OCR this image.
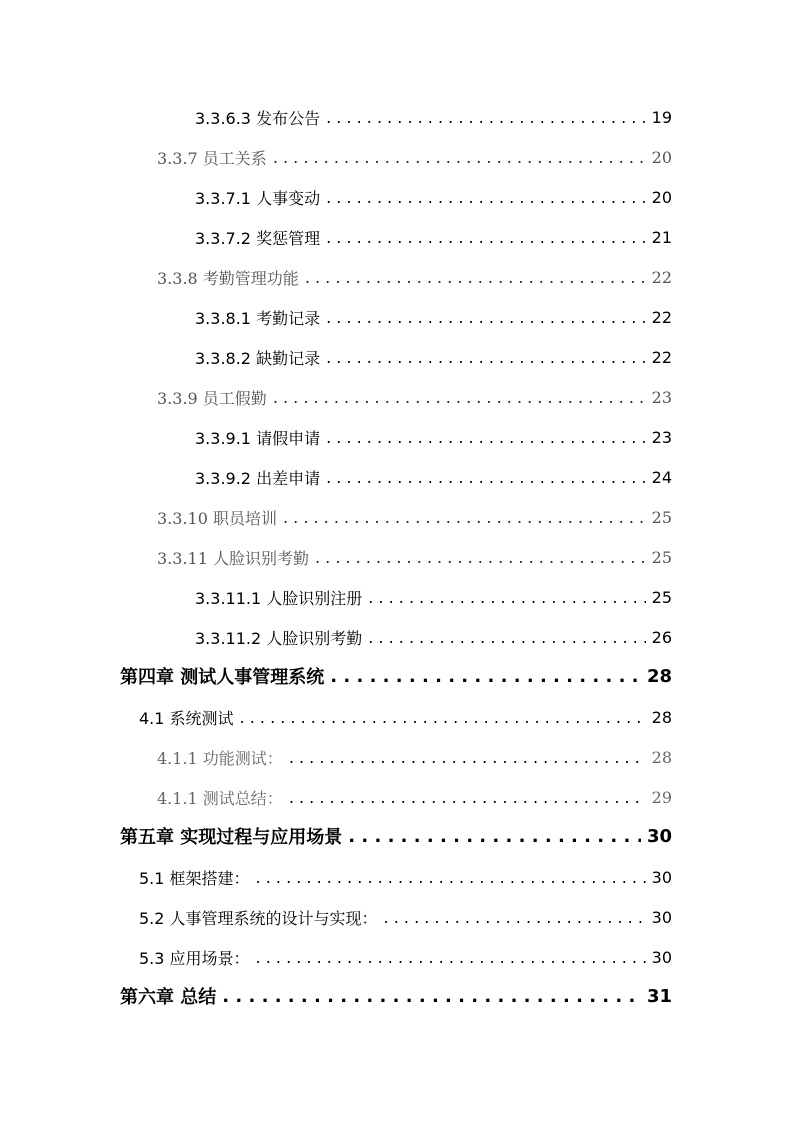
3.3.6.3 发布公告 . . .	19
3.3.7 员工关系 . . .	20
3.3.7.1 人事变动 . . .	20
3.3.7.2 奖惩管理 . . .	21
3.3.8 考勤管理功能 . . .	22
3.3.8.1 考勤记录 . . .	22
3.3.8.2 缺勤记录 . . .	22
3.3.9 员工假勤 . . .	23
3.3.9.1 请假申请 . . .	23
3.3.9.2 出差申请 . . .	24
3.3.10 职员培训 . . .	25
3.3.11 人脸识别考勤 . . .	25
3.3.11.1 人脸识别注册 . . .	25
3.3.11.2 人脸识别考勤 . . .	26
第四章 测试人事管理系统 . . .	28
4.1 系统测试 . . .	28
4.1.1 功能测试： . . .	28
4.1.1 测试总结： . . .	29
第五章 实现过程与应用场景 . . .	30
5.1 框架搭建： . . .	30
5.2 人事管理系统的设计与实现： . . .	30
5.3 应用场景： . . .	30
第六章 总结 . . .	31
